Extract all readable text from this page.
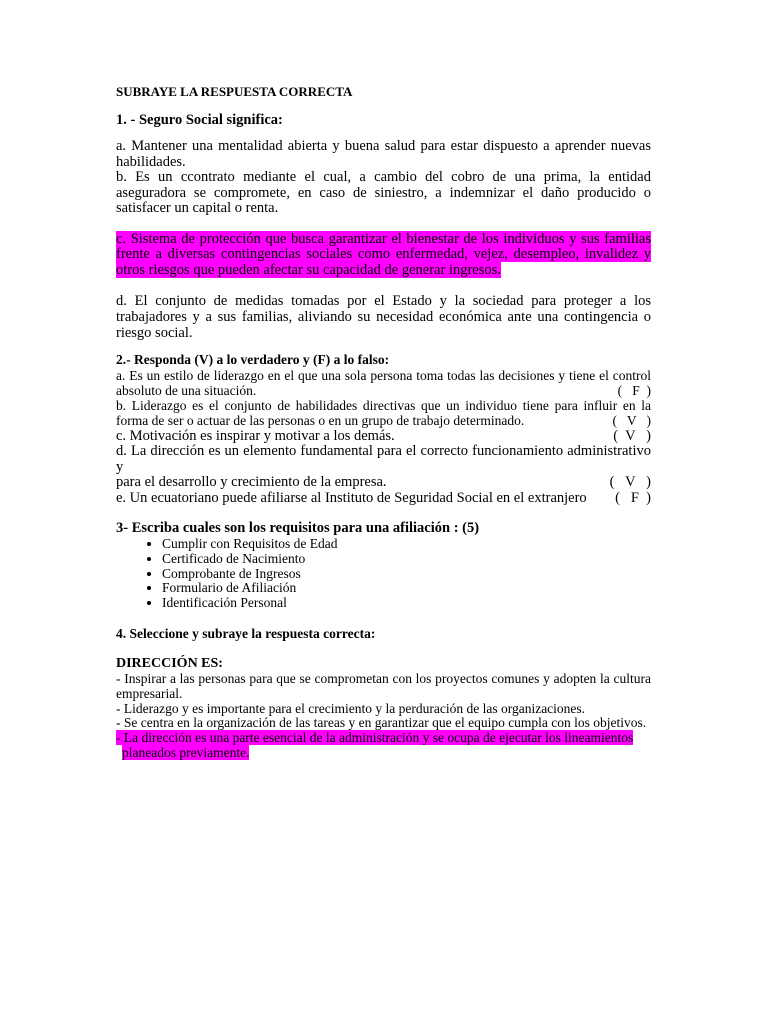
SUBRAYE LA RESPUESTA CORRECTA

1. - Seguro Social significa:

a. Mantener una mentalidad abierta y buena salud para estar dispuesto a aprender nuevas habilidades.

b. Es un ccontrato mediante el cual, a cambio del cobro de una prima, la entidad aseguradora se compromete, en caso de siniestro, a indemnizar el daño producido o satisfacer un capital o renta.

c. Sistema de protección que busca garantizar el bienestar de los individuos y sus familias frente a diversas contingencias sociales como enfermedad, vejez, desempleo, invalidez y otros riesgos que pueden afectar su capacidad de generar ingresos.

d. El conjunto de medidas tomadas por el Estado y la sociedad para proteger a los trabajadores y a sus familias, aliviando su necesidad económica ante una contingencia o riesgo social.

2.- Responda (V) a lo verdadero y (F) a lo falso:

a. Es un estilo de liderazgo en el que una sola persona toma todas las decisiones y tiene el control

absoluto de una situación.	(   F  )

b. Liderazgo es el conjunto de habilidades directivas que un individuo tiene para influir en la

forma de ser o actuar de las personas o en un grupo de trabajo determinado.	(   V   )
c. Motivación es inspirar y motivar a los demás.	(  V   )

d. La dirección es un elemento fundamental para el correcto funcionamiento administrativo y

para el desarrollo y crecimiento de la empresa.	(   V   )
e. Un ecuatoriano puede afiliarse al Instituto de Seguridad Social en el extranjero (   F  )

3- Escriba cuales son los requisitos para una afiliación : (5)

• Cumplir con Requisitos de Edad
• Certificado de Nacimiento
• Comprobante de Ingresos
• Formulario de Afiliación
• Identificación Personal

4. Seleccione y subraye la respuesta correcta:

DIRECCIÓN ES:

- Inspirar a las personas para que se comprometan con los proyectos comunes y adopten la cultura empresarial.

- Liderazgo y es importante para el crecimiento y la perduración de las organizaciones.

- Se centra en la organización de las tareas y en garantizar que el equipo cumpla con los objetivos.

- La dirección es una parte esencial de la administración y se ocupa de ejecutar los lineamientos

planeados previamente.
